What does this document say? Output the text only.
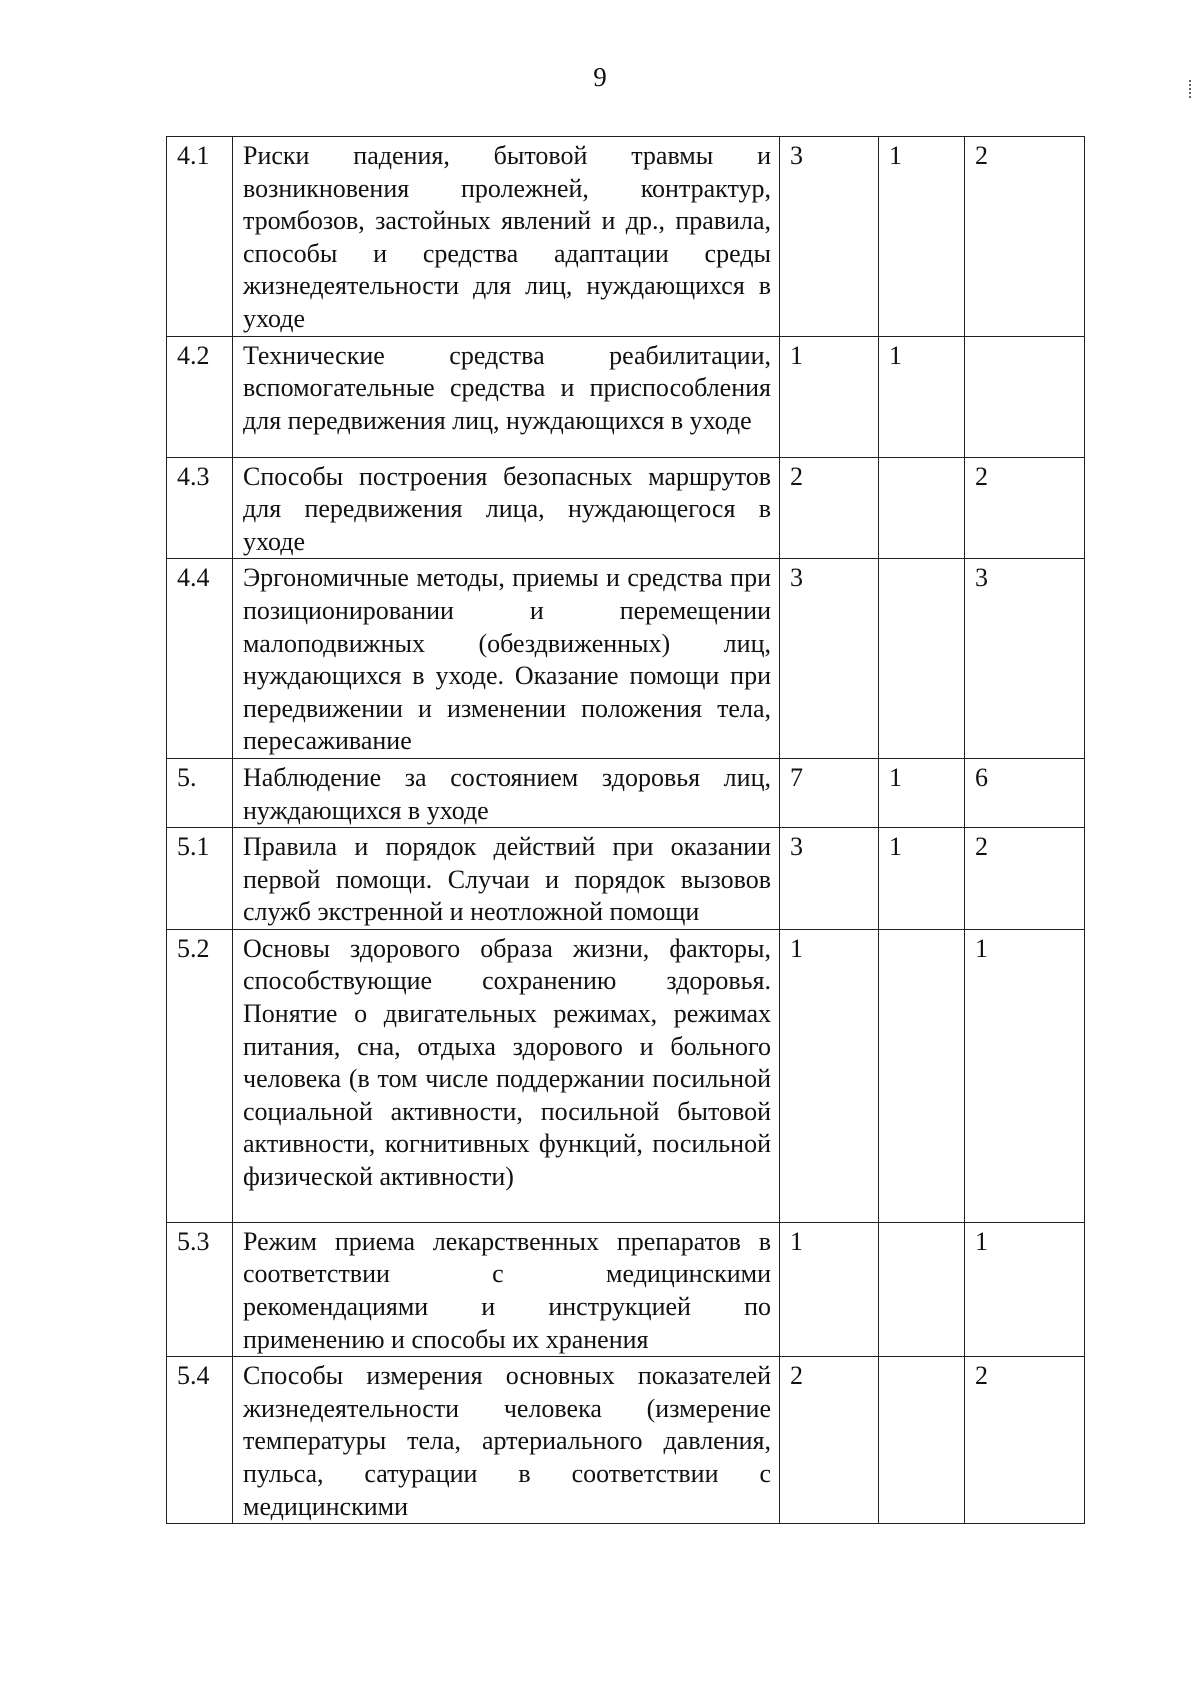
9
4.1	Риски падения, бытовой травмы и возникновения пролежней, контрактур, тромбозов, застойных явлений и др., правила, способы и средства адаптации среды жизнедеятельности для лиц, нуждающихся в уходе	3	1	2
4.2	Технические средства реабилитации, вспомогательные средства и приспособления для передвижения лиц, нуждающихся в уходе	1	1	
4.3	Способы построения безопасных маршрутов для передвижения лица, нуждающегося в уходе	2		2
4.4	Эргономичные методы, приемы и средства при позиционировании и перемещении малоподвижных (обездвиженных) лиц, нуждающихся в уходе. Оказание помощи при передвижении и изменении положения тела, пересаживание	3		3
5.	Наблюдение за состоянием здоровья лиц, нуждающихся в уходе	7	1	6
5.1	Правила и порядок действий при оказании первой помощи. Случаи и порядок вызовов служб экстренной и неотложной помощи	3	1	2
5.2	Основы здорового образа жизни, факторы, способствующие сохранению здоровья. Понятие о двигательных режимах, режимах питания, сна, отдыха здорового и больного человека (в том числе поддержании посильной социальной активности, посильной бытовой активности, когнитивных функций, посильной физической активности)	1		1
5.3	Режим приема лекарственных препаратов в соответствии с медицинскими рекомендациями и инструкцией по применению и способы их хранения	1		1
5.4	Способы измерения основных показателей жизнедеятельности человека (измерение температуры тела, артериального давления, пульса, сатурации в соответствии с медицинскими	2		2
